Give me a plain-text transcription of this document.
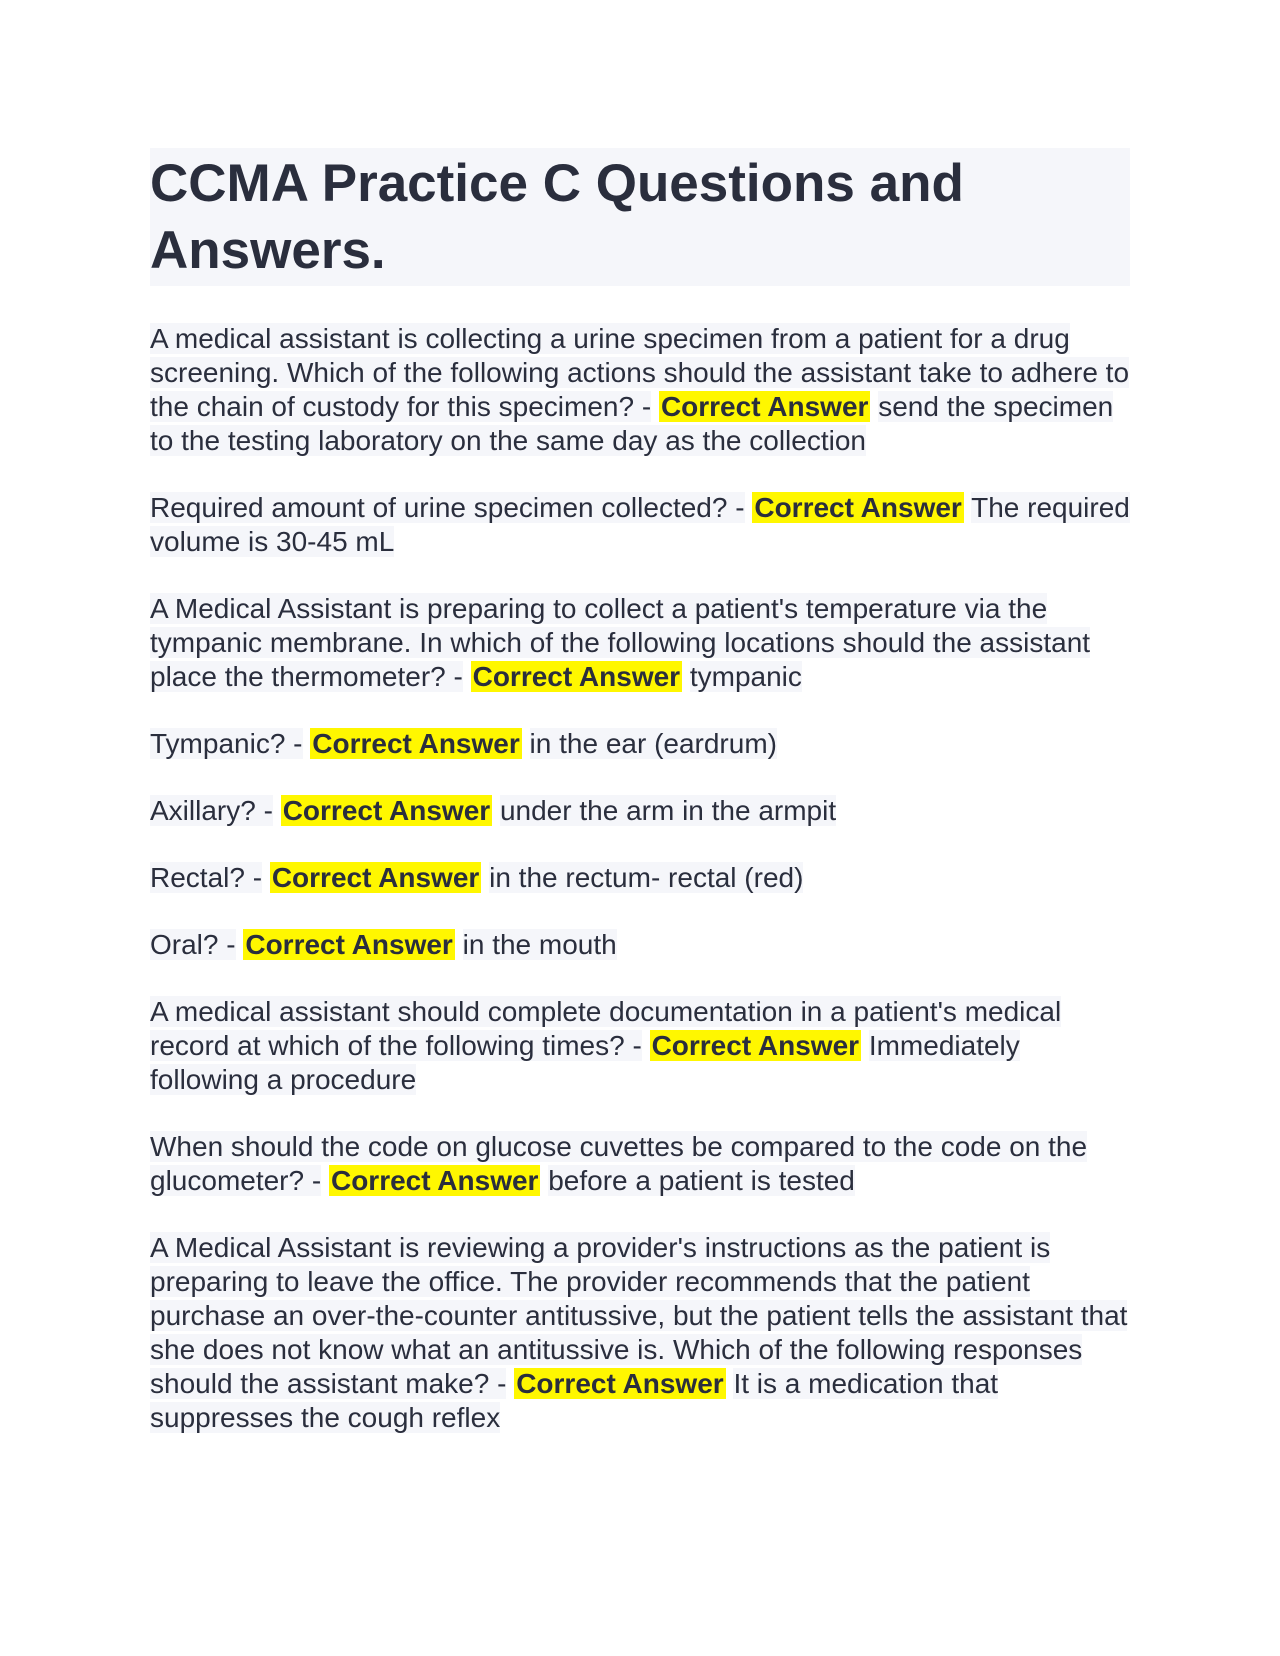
CCMA Practice C Questions and Answers.

A medical assistant is collecting a urine specimen from a patient for a drug screening. Which of the following actions should the assistant take to adhere to the chain of custody for this specimen? - Correct Answer send the specimen to the testing laboratory on the same day as the collection

Required amount of urine specimen collected? - Correct Answer The required volume is 30-45 mL

A Medical Assistant is preparing to collect a patient's temperature via the tympanic membrane. In which of the following locations should the assistant place the thermometer? - Correct Answer tympanic

Tympanic? - Correct Answer in the ear (eardrum)

Axillary? - Correct Answer under the arm in the armpit

Rectal? - Correct Answer in the rectum- rectal (red)

Oral? - Correct Answer in the mouth

A medical assistant should complete documentation in a patient's medical record at which of the following times? - Correct Answer Immediately following a procedure

When should the code on glucose cuvettes be compared to the code on the glucometer? - Correct Answer before a patient is tested

A Medical Assistant is reviewing a provider's instructions as the patient is preparing to leave the office. The provider recommends that the patient purchase an over-the-counter antitussive, but the patient tells the assistant that she does not know what an antitussive is. Which of the following responses should the assistant make? - Correct Answer It is a medication that suppresses the cough reflex
